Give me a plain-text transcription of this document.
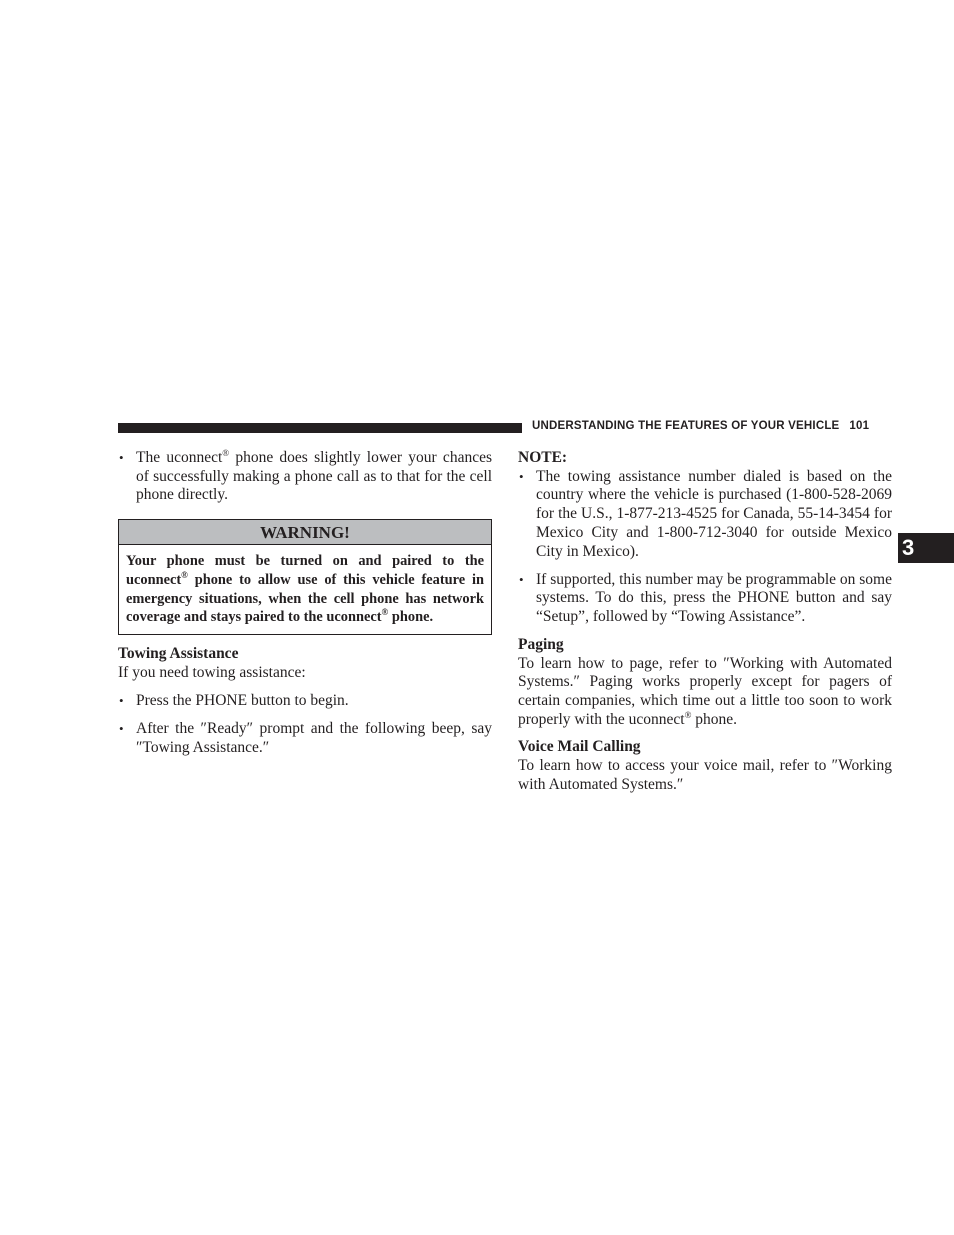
UNDERSTANDING THE FEATURES OF YOUR VEHICLE 101
3
• The uconnect® phone does slightly lower your chances of successfully making a phone call as to that for the cell phone directly.
WARNING!
Your phone must be turned on and paired to the uconnect® phone to allow use of this vehicle feature in emergency situations, when the cell phone has network coverage and stays paired to the uconnect® phone.
Towing Assistance
If you need towing assistance:
• Press the PHONE button to begin.
• After the ″Ready″ prompt and the following beep, say ″Towing Assistance.″
NOTE:
• The towing assistance number dialed is based on the country where the vehicle is purchased (1-800-528-2069 for the U.S., 1-877-213-4525 for Canada, 55-14-3454 for Mexico City and 1-800-712-3040 for outside Mexico City in Mexico).
• If supported, this number may be programmable on some systems. To do this, press the PHONE button and say “Setup”, followed by “Towing Assistance”.
Paging
To learn how to page, refer to ″Working with Automated Systems.″ Paging works properly except for pagers of certain companies, which time out a little too soon to work properly with the uconnect® phone.
Voice Mail Calling
To learn how to access your voice mail, refer to ″Working with Automated Systems.″
